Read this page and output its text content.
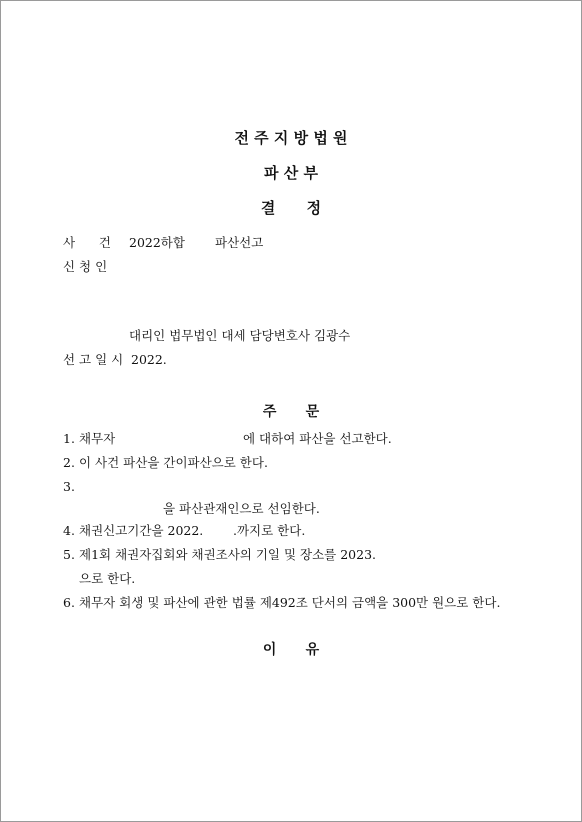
전 주 지 방 법 원
파 산 부
결      정
사      건 2022하합 파산선고
신 청 인
대리인 법무법인 대세 담당변호사 김광수
선 고 일 시 2022.
주      문
1. 채무자	에 대하여 파산을 선고한다.
2. 이 사건 파산을 간이파산으로 한다.
3.
을 파산관재인으로 선임한다.
4. 채권신고기간을 2022. .까지로 한다.
5. 제1회 채권자집회와 채권조사의 기일 및 장소를 2023.
으로 한다.
6. 채무자 회생 및 파산에 관한 법률 제492조 단서의 금액을 300만 원으로 한다.
이      유
